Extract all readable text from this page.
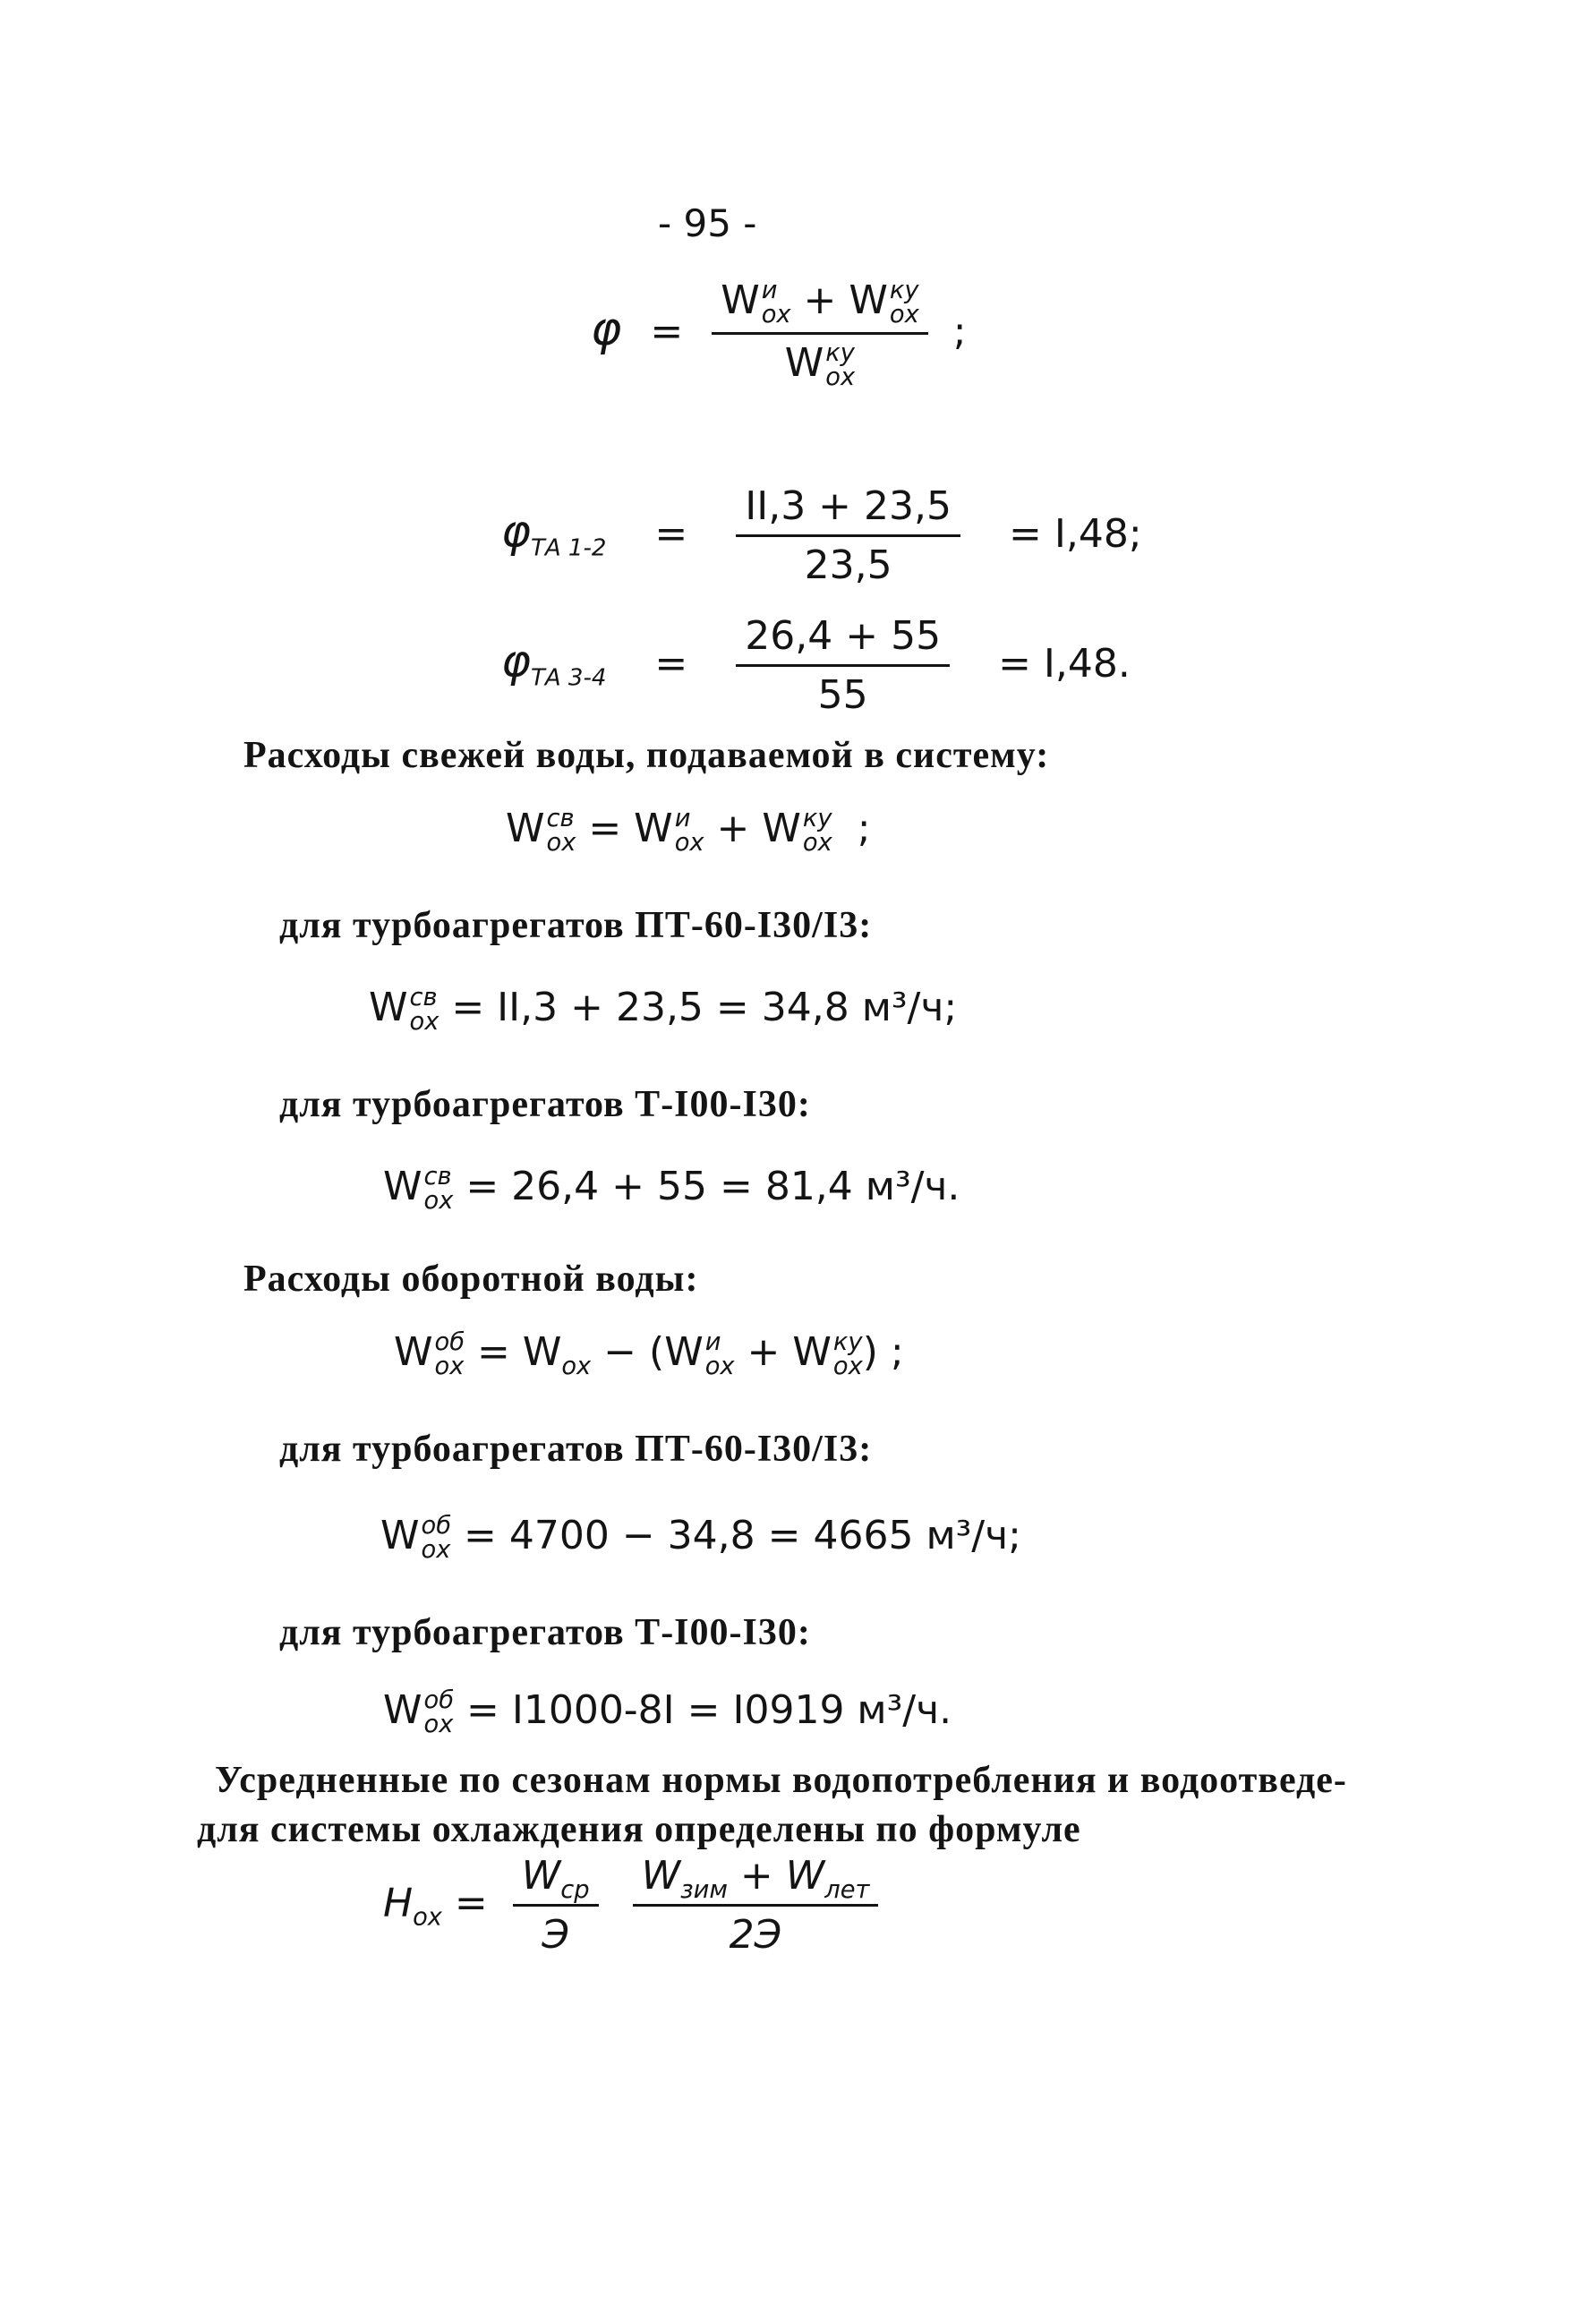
- 95 -
φ = W и
ох + W ку
ох
W ку
ох ;
$\varphi_{ТА 1-2} = \frac{II,3 + 23,5}{23,5} = I,48$;
$\varphi_{ТА 3-4} = \frac{26,4 + 55}{55} = I,48$.
Расходы свежей воды, подаваемой в систему:
W св
ох = W и
ох + W ку
ох ;
для турбоагрегатов ПТ-60-I30/I3:
W св
ох = II,3 + 23,5 = 34,8 м³/ч;
для турбоагрегатов Т-I00-I30:
W св
ох = 26,4 + 55 = 81,4 м³/ч.
Расходы оборотной воды:
W об
ох = $W_{ох} - (W$ и
ох + W ку
ох ) ;
для турбоагрегатов ПТ-60-I30/I3:
W об
ох = 4700 − 34,8 = 4665 м³/ч;
для турбоагрегатов Т-I00-I30:
W об
ох = I1000-8I = I0919 м³/ч.
Усредненные по сезонам нормы водопотребления и водоотведе-
для системы охлаждения определены по формуле
$H_{ох} = \frac{W_{ср}}{Э}$
$\frac{W_{зим} + W_{лет}}{2Э}$
